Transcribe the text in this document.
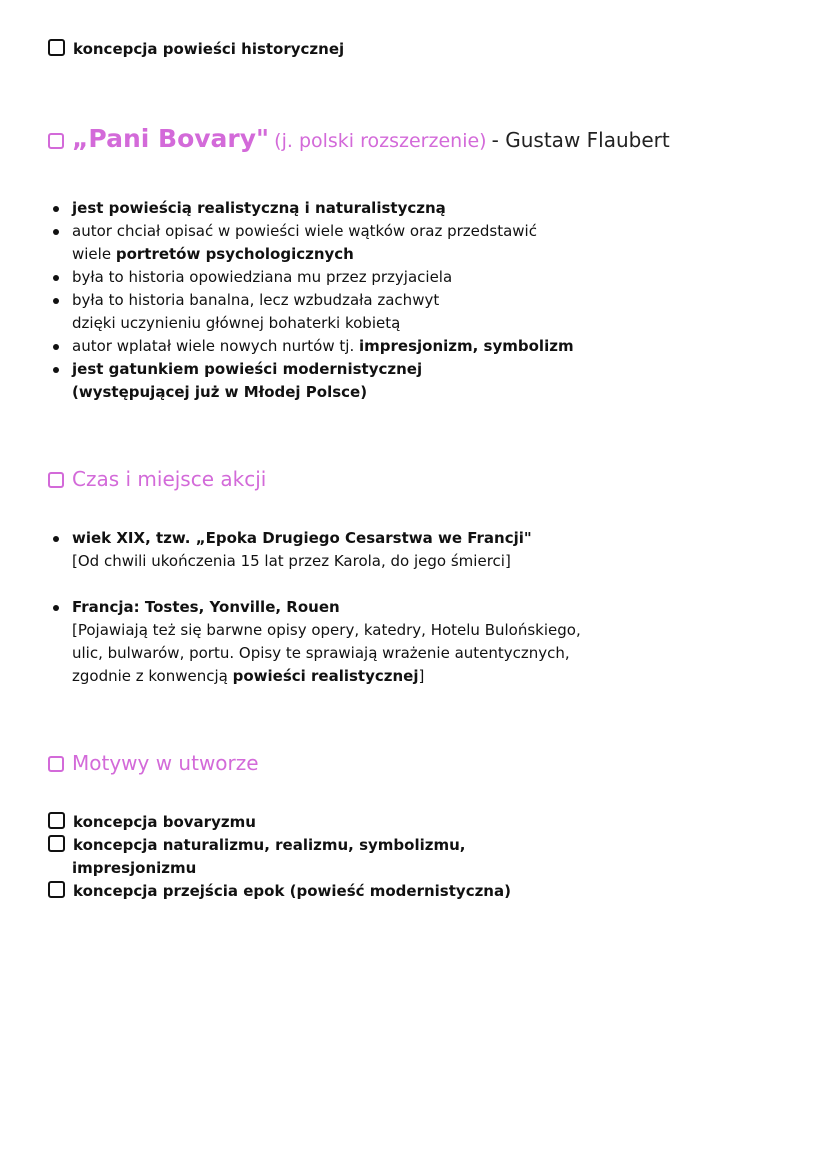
koncepcja powieści historycznej
„Pani Bovary" (j. polski rozszerzenie) - Gustaw Flaubert
jest powieścią realistyczną i naturalistyczną
autor chciał opisać w powieści wiele wątków oraz przedstawić
wiele portretów psychologicznych
była to historia opowiedziana mu przez przyjaciela
była to historia banalna, lecz wzbudzała zachwyt
dzięki uczynieniu głównej bohaterki kobietą
autor wplatał wiele nowych nurtów tj. impresjonizm, symbolizm
jest gatunkiem powieści modernistycznej
(występującej już w Młodej Polsce)
Czas i miejsce akcji
wiek XIX, tzw. „Epoka Drugiego Cesarstwa we Francji"
[Od chwili ukończenia 15 lat przez Karola, do jego śmierci]
Francja: Tostes, Yonville, Rouen
[Pojawiają też się barwne opisy opery, katedry, Hotelu Bulońskiego,
ulic, bulwarów, portu. Opisy te sprawiają wrażenie autentycznych,
zgodnie z konwencją powieści realistycznej]
Motywy w utworze
koncepcja bovaryzmu
koncepcja naturalizmu, realizmu, symbolizmu,
impresjonizmu
koncepcja przejścia epok (powieść modernistyczna)
